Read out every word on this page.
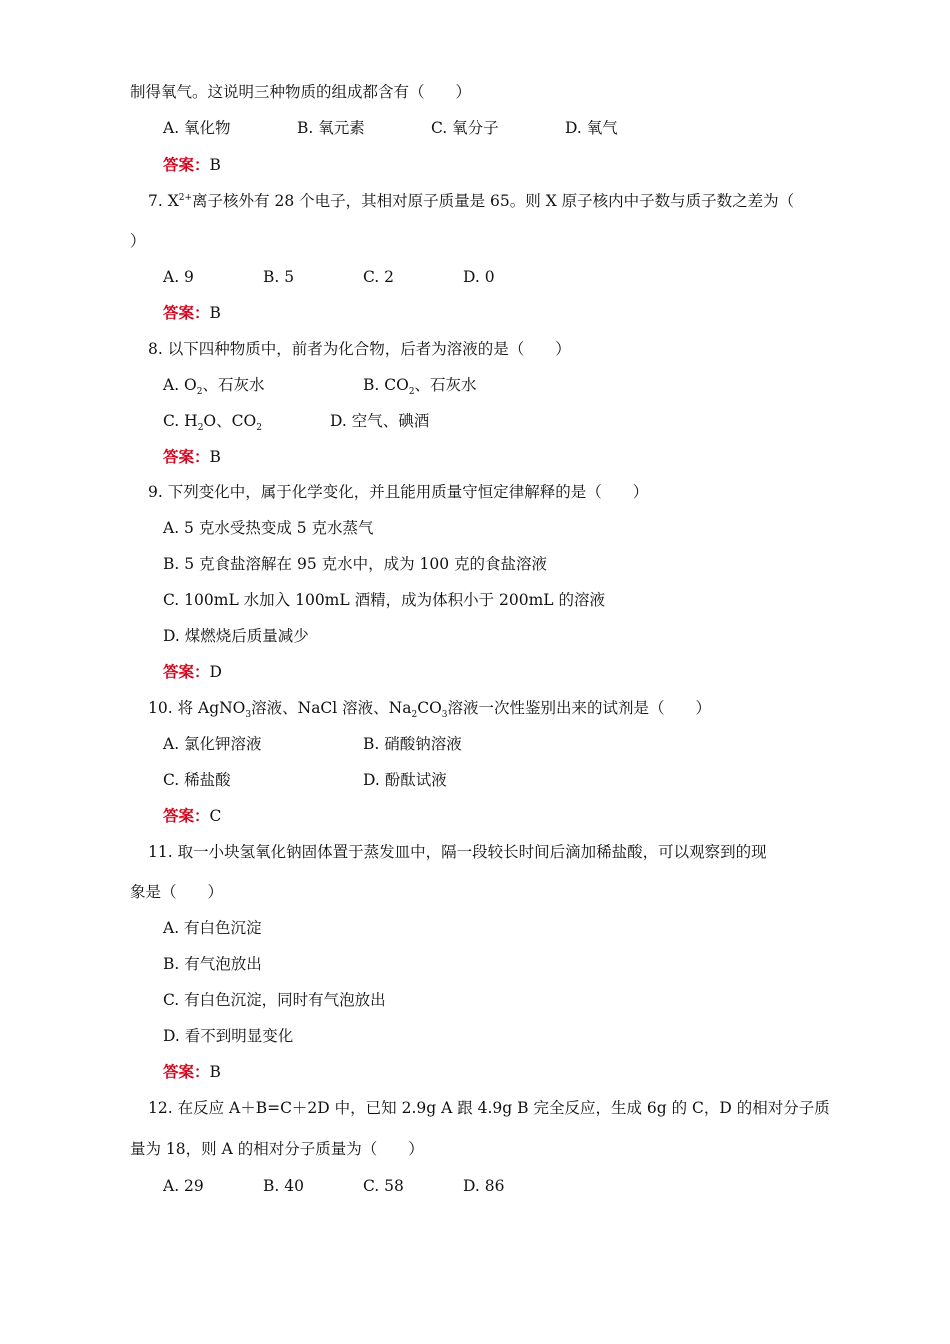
制得氧气。这说明三种物质的组成都含有（　　）
A. 氧化物	B. 氧元素	C. 氧分子	D. 氧气
答案：B
7. $X^{2+}$离子核外有 28 个电子，其相对原子质量是 65。则 X 原子核内中子数与质子数之差为（
）
A. 9	B. 5	C. 2	D. 0
答案：B
8. 以下四种物质中，前者为化合物，后者为溶液的是（　　）
A. $O_2$、石灰水	B. $CO_2$、石灰水
C. $H_2O$、$CO_2$	D. 空气、碘酒
答案：B
9. 下列变化中，属于化学变化，并且能用质量守恒定律解释的是（　　）
A. 5 克水受热变成 5 克水蒸气
B. 5 克食盐溶解在 95 克水中，成为 100 克的食盐溶液
C. 100mL 水加入 100mL 酒精，成为体积小于 200mL 的溶液
D. 煤燃烧后质量减少
答案：D
10. 将 AgNO$_3$溶液、NaCl 溶液、$Na_2CO_3$溶液一次性鉴别出来的试剂是（　　）
A. 氯化钾溶液	B. 硝酸钠溶液
C. 稀盐酸	D. 酚酞试液
答案：C
11. 取一小块氢氧化钠固体置于蒸发皿中，隔一段较长时间后滴加稀盐酸，可以观察到的现
象是（　　）
A. 有白色沉淀
B. 有气泡放出
C. 有白色沉淀，同时有气泡放出
D. 看不到明显变化
答案：B
12. 在反应 A＋B=C＋2D 中，已知 2.9g A 跟 4.9g B 完全反应，生成 6g 的 C，D 的相对分子质
量为 18，则 A 的相对分子质量为（　　）
A. 29	B. 40	C. 58	D. 86
